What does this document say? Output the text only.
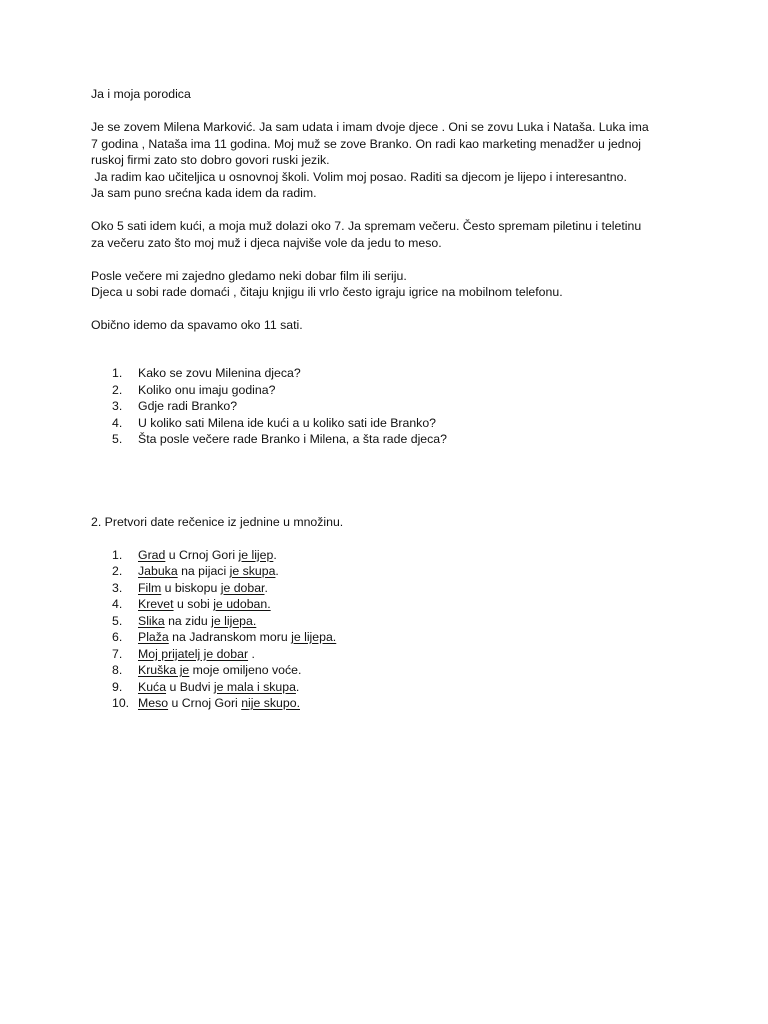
Ja i moja porodica

Je se zovem Milena Marković. Ja sam udata i imam dvoje djece . Oni se zovu Luka i Nataša. Luka ima
7 godina , Nataša ima 11 godina. Moj muž se zove Branko. On radi kao marketing menadžer u jednoj
ruskoj firmi zato sto dobro govori ruski jezik.
Ja radim kao učiteljica u osnovnoj školi. Volim moj posao. Raditi sa djecom je lijepo i interesantno.
Ja sam puno srećna kada idem da radim.

Oko 5 sati idem kući, a moja muž dolazi oko 7. Ja spremam večeru. Često spremam piletinu i teletinu
za večeru zato što moj muž i djeca najviše vole da jedu to meso.

Posle večere mi zajedno gledamo neki dobar film ili seriju.
Djeca u sobi rade domaći , čitaju knjigu ili vrlo često igraju igrice na mobilnom telefonu.

Obično idemo da spavamo oko 11 sati.

1.	Kako se zovu Milenina djeca?
2.	Koliko onu imaju godina?
3.	Gdje radi Branko?
4.	U koliko sati Milena ide kući a u koliko sati ide Branko?
5.	Šta posle večere rade Branko i Milena, a šta rade djeca?

2. Pretvori date rečenice iz jednine u množinu.

1.	Grad u Crnoj Gori je lijep.
2.	Jabuka na pijaci je skupa.
3.	Film u biskopu je dobar.
4.	Krevet u sobi je udoban.
5.	Slika na zidu je lijepa.
6.	Plaža na Jadranskom moru je lijepa.
7.	Moj prijatelj je dobar .
8.	Kruška je moje omiljeno voće.
9.	Kuća u Budvi je mala i skupa.
10. Meso u Crnoj Gori nije skupo.
